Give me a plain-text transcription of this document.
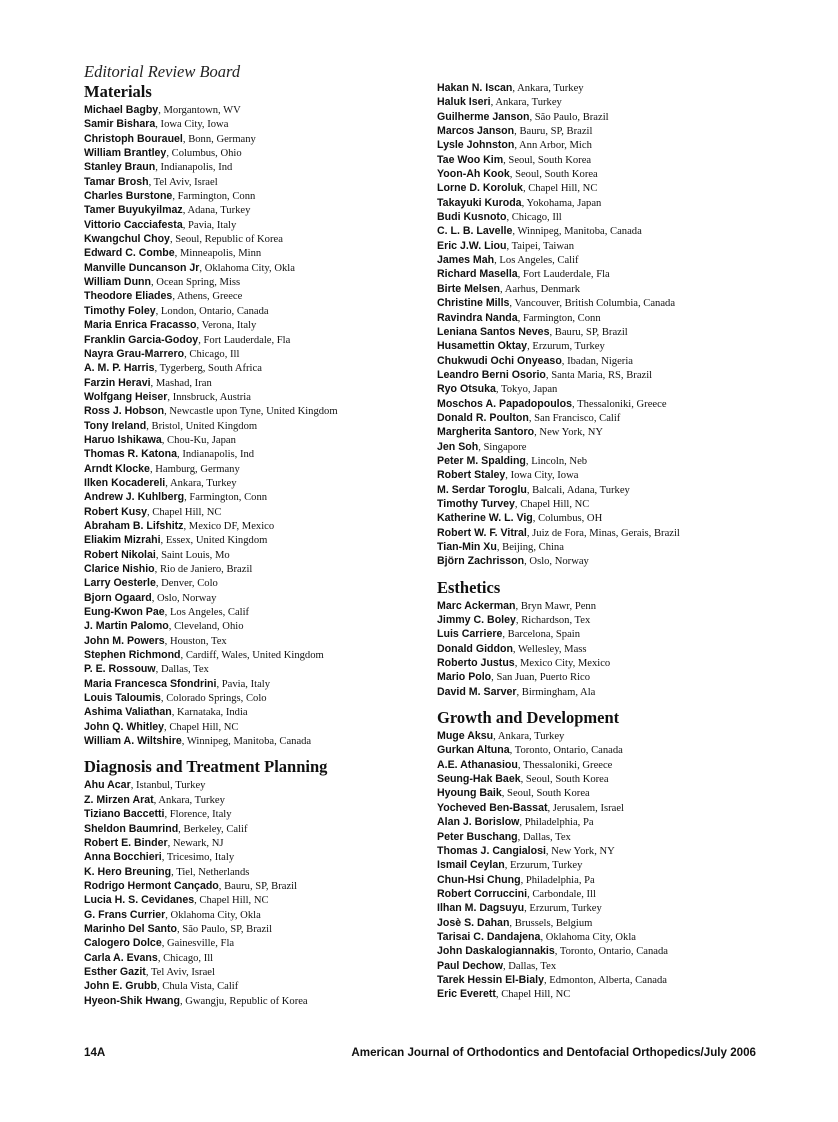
Editorial Review Board
Materials
Michael Bagby, Morgantown, WV
Samir Bishara, Iowa City, Iowa
Christoph Bourauel, Bonn, Germany
William Brantley, Columbus, Ohio
Stanley Braun, Indianapolis, Ind
Tamar Brosh, Tel Aviv, Israel
Charles Burstone, Farmington, Conn
Tamer Buyukyilmaz, Adana, Turkey
Vittorio Cacciafesta, Pavia, Italy
Kwangchul Choy, Seoul, Republic of Korea
Edward C. Combe, Minneapolis, Minn
Manville Duncanson Jr, Oklahoma City, Okla
William Dunn, Ocean Spring, Miss
Theodore Eliades, Athens, Greece
Timothy Foley, London, Ontario, Canada
Maria Enrica Fracasso, Verona, Italy
Franklin Garcia-Godoy, Fort Lauderdale, Fla
Nayra Grau-Marrero, Chicago, Ill
A. M. P. Harris, Tygerberg, South Africa
Farzin Heravi, Mashad, Iran
Wolfgang Heiser, Innsbruck, Austria
Ross J. Hobson, Newcastle upon Tyne, United Kingdom
Tony Ireland, Bristol, United Kingdom
Haruo Ishikawa, Chou-Ku, Japan
Thomas R. Katona, Indianapolis, Ind
Arndt Klocke, Hamburg, Germany
Ilken Kocadereli, Ankara, Turkey
Andrew J. Kuhlberg, Farmington, Conn
Robert Kusy, Chapel Hill, NC
Abraham B. Lifshitz, Mexico DF, Mexico
Eliakim Mizrahi, Essex, United Kingdom
Robert Nikolai, Saint Louis, Mo
Clarice Nishio, Rio de Janiero, Brazil
Larry Oesterle, Denver, Colo
Bjorn Ogaard, Oslo, Norway
Eung-Kwon Pae, Los Angeles, Calif
J. Martin Palomo, Cleveland, Ohio
John M. Powers, Houston, Tex
Stephen Richmond, Cardiff, Wales, United Kingdom
P. E. Rossouw, Dallas, Tex
Maria Francesca Sfondrini, Pavia, Italy
Louis Taloumis, Colorado Springs, Colo
Ashima Valiathan, Karnataka, India
John Q. Whitley, Chapel Hill, NC
William A. Wiltshire, Winnipeg, Manitoba, Canada
Diagnosis and Treatment Planning
Ahu Acar, Istanbul, Turkey
Z. Mirzen Arat, Ankara, Turkey
Tiziano Baccetti, Florence, Italy
Sheldon Baumrind, Berkeley, Calif
Robert E. Binder, Newark, NJ
Anna Bocchieri, Tricesimo, Italy
K. Hero Breuning, Tiel, Netherlands
Rodrigo Hermont Cançado, Bauru, SP, Brazil
Lucia H. S. Cevidanes, Chapel Hill, NC
G. Frans Currier, Oklahoma City, Okla
Marinho Del Santo, São Paulo, SP, Brazil
Calogero Dolce, Gainesville, Fla
Carla A. Evans, Chicago, Ill
Esther Gazit, Tel Aviv, Israel
John E. Grubb, Chula Vista, Calif
Hyeon-Shik Hwang, Gwangju, Republic of Korea
Hakan N. Iscan, Ankara, Turkey
Haluk Iseri, Ankara, Turkey
Guilherme Janson, São Paulo, Brazil
Marcos Janson, Bauru, SP, Brazil
Lysle Johnston, Ann Arbor, Mich
Tae Woo Kim, Seoul, South Korea
Yoon-Ah Kook, Seoul, South Korea
Lorne D. Koroluk, Chapel Hill, NC
Takayuki Kuroda, Yokohama, Japan
Budi Kusnoto, Chicago, Ill
C. L. B. Lavelle, Winnipeg, Manitoba, Canada
Eric J.W. Liou, Taipei, Taiwan
James Mah, Los Angeles, Calif
Richard Masella, Fort Lauderdale, Fla
Birte Melsen, Aarhus, Denmark
Christine Mills, Vancouver, British Columbia, Canada
Ravindra Nanda, Farmington, Conn
Leniana Santos Neves, Bauru, SP, Brazil
Husamettin Oktay, Erzurum, Turkey
Chukwudi Ochi Onyeaso, Ibadan, Nigeria
Leandro Berni Osorio, Santa Maria, RS, Brazil
Ryo Otsuka, Tokyo, Japan
Moschos A. Papadopoulos, Thessaloniki, Greece
Donald R. Poulton, San Francisco, Calif
Margherita Santoro, New York, NY
Jen Soh, Singapore
Peter M. Spalding, Lincoln, Neb
Robert Staley, Iowa City, Iowa
M. Serdar Toroglu, Balcali, Adana, Turkey
Timothy Turvey, Chapel Hill, NC
Katherine W. L. Vig, Columbus, OH
Robert W. F. Vitral, Juiz de Fora, Minas, Gerais, Brazil
Tian-Min Xu, Beijing, China
Björn Zachrisson, Oslo, Norway
Esthetics
Marc Ackerman, Bryn Mawr, Penn
Jimmy C. Boley, Richardson, Tex
Luis Carriere, Barcelona, Spain
Donald Giddon, Wellesley, Mass
Roberto Justus, Mexico City, Mexico
Mario Polo, San Juan, Puerto Rico
David M. Sarver, Birmingham, Ala
Growth and Development
Muge Aksu, Ankara, Turkey
Gurkan Altuna, Toronto, Ontario, Canada
A.E. Athanasiou, Thessaloniki, Greece
Seung-Hak Baek, Seoul, South Korea
Hyoung Baik, Seoul, South Korea
Yocheved Ben-Bassat, Jerusalem, Israel
Alan J. Borislow, Philadelphia, Pa
Peter Buschang, Dallas, Tex
Thomas J. Cangialosi, New York, NY
Ismail Ceylan, Erzurum, Turkey
Chun-Hsi Chung, Philadelphia, Pa
Robert Corruccini, Carbondale, Ill
Ilhan M. Dagsuyu, Erzurum, Turkey
Josè S. Dahan, Brussels, Belgium
Tarisai C. Dandajena, Oklahoma City, Okla
John Daskalogiannakis, Toronto, Ontario, Canada
Paul Dechow, Dallas, Tex
Tarek Hessin El-Bialy, Edmonton, Alberta, Canada
Eric Everett, Chapel Hill, NC
14A	American Journal of Orthodontics and Dentofacial Orthopedics/July 2006
